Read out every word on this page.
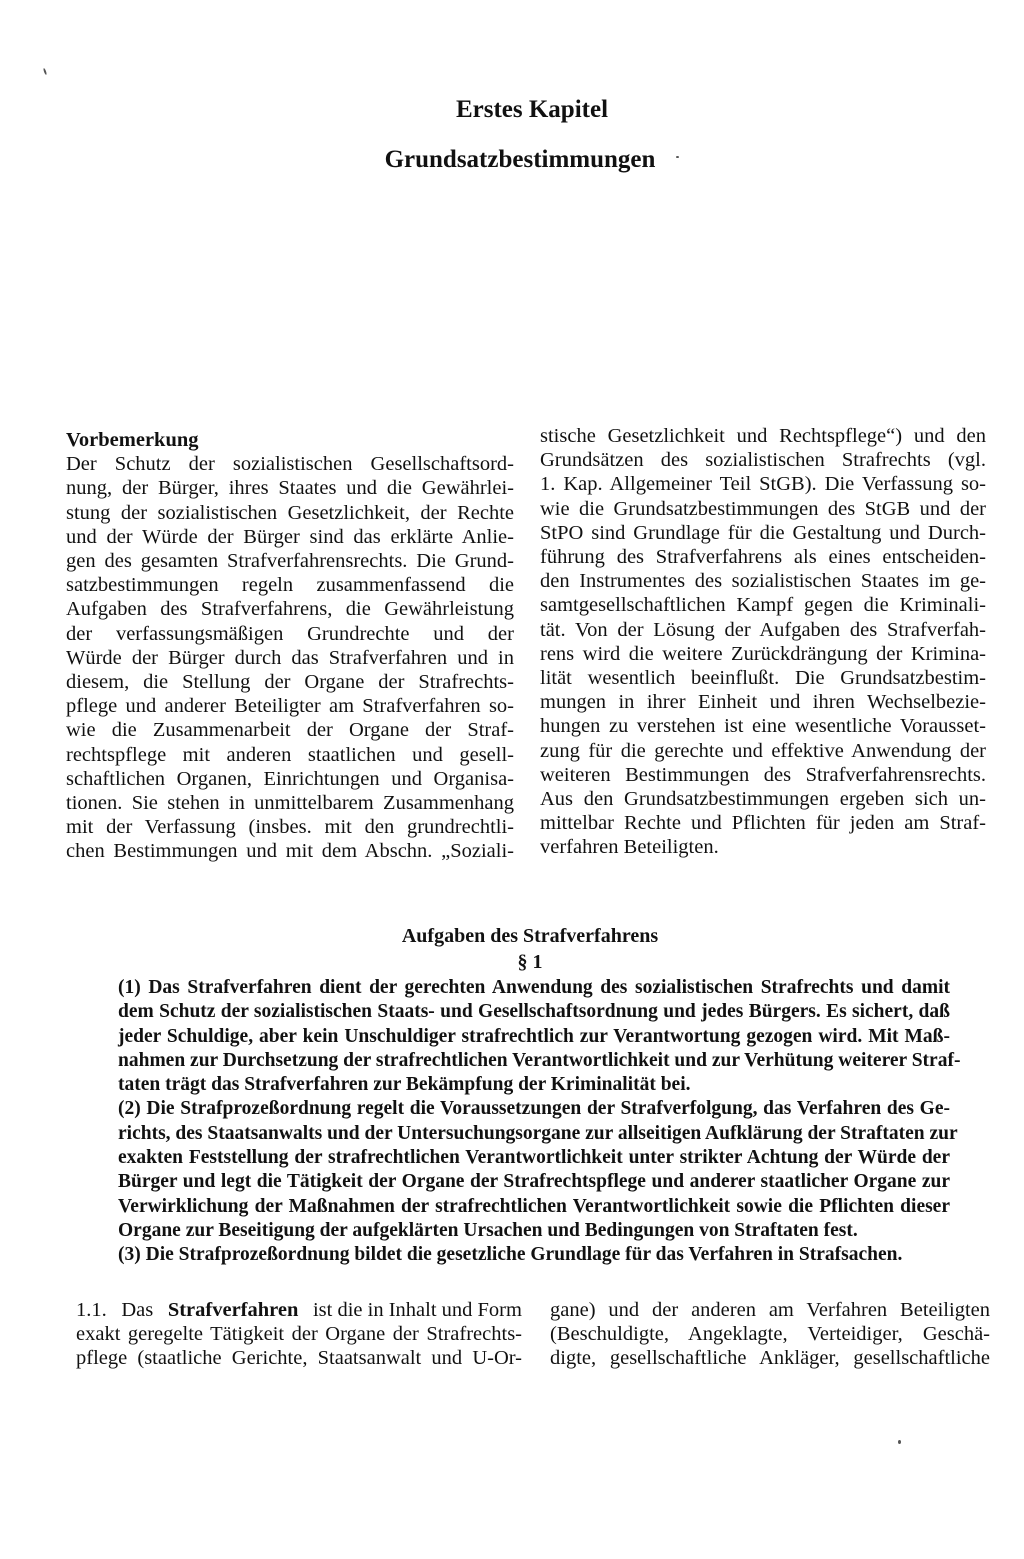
Erstes Kapitel
Grundsatzbestimmungen
Vorbemerkung
Der Schutz der sozialistischen Gesellschaftsord-
nung, der Bürger, ihres Staates und die Gewährlei-
stung der sozialistischen Gesetzlichkeit, der Rechte
und der Würde der Bürger sind das erklärte Anlie-
gen des gesamten Strafverfahrensrechts. Die Grund-
satzbestimmungen regeln zusammenfassend die
Aufgaben des Strafverfahrens, die Gewährleistung
der verfassungsmäßigen Grundrechte und der
Würde der Bürger durch das Strafverfahren und in
diesem, die Stellung der Organe der Strafrechts-
pflege und anderer Beteiligter am Strafverfahren so-
wie die Zusammenarbeit der Organe der Straf-
rechtspflege mit anderen staatlichen und gesell-
schaftlichen Organen, Einrichtungen und Organisa-
tionen. Sie stehen in unmittelbarem Zusammenhang
mit der Verfassung (insbes. mit den grundrechtli-
chen Bestimmungen und mit dem Abschn. „Soziali-
stische Gesetzlichkeit und Rechtspflege“) und den
Grundsätzen des sozialistischen Strafrechts (vgl.
1. Kap. Allgemeiner Teil StGB). Die Verfassung so-
wie die Grundsatzbestimmungen des StGB und der
StPO sind Grundlage für die Gestaltung und Durch-
führung des Strafverfahrens als eines entscheiden-
den Instrumentes des sozialistischen Staates im ge-
samtgesellschaftlichen Kampf gegen die Kriminali-
tät. Von der Lösung der Aufgaben des Strafverfah-
rens wird die weitere Zurückdrängung der Krimina-
lität wesentlich beeinflußt. Die Grundsatzbestim-
mungen in ihrer Einheit und ihren Wechselbezie-
hungen zu verstehen ist eine wesentliche Vorausset-
zung für die gerechte und effektive Anwendung der
weiteren Bestimmungen des Strafverfahrensrechts.
Aus den Grundsatzbestimmungen ergeben sich un-
mittelbar Rechte und Pflichten für jeden am Straf-
verfahren Beteiligten.
Aufgaben des Strafverfahrens
§ 1
(1) Das Strafverfahren dient der gerechten Anwendung des sozialistischen Strafrechts und damit
dem Schutz der sozialistischen Staats- und Gesellschaftsordnung und jedes Bürgers. Es sichert, daß
jeder Schuldige, aber kein Unschuldiger strafrechtlich zur Verantwortung gezogen wird. Mit Maß-
nahmen zur Durchsetzung der strafrechtlichen Verantwortlichkeit und zur Verhütung weiterer Straf-
taten trägt das Strafverfahren zur Bekämpfung der Kriminalität bei.
(2) Die Strafprozeßordnung regelt die Voraussetzungen der Strafverfolgung, das Verfahren des Ge-
richts, des Staatsanwalts und der Untersuchungsorgane zur allseitigen Aufklärung der Straftaten zur
exakten Feststellung der strafrechtlichen Verantwortlichkeit unter strikter Achtung der Würde der
Bürger und legt die Tätigkeit der Organe der Strafrechtspflege und anderer staatlicher Organe zur
Verwirklichung der Maßnahmen der strafrechtlichen Verantwortlichkeit sowie die Pflichten dieser
Organe zur Beseitigung der aufgeklärten Ursachen und Bedingungen von Straftaten fest.
(3) Die Strafprozeßordnung bildet die gesetzliche Grundlage für das Verfahren in Strafsachen.
1.1. Das Strafverfahren ist die in Inhalt und Form
exakt geregelte Tätigkeit der Organe der Strafrechts-
pflege (staatliche Gerichte, Staatsanwalt und U-Or-
gane) und der anderen am Verfahren Beteiligten
(Beschuldigte, Angeklagte, Verteidiger, Geschä-
digte, gesellschaftliche Ankläger, gesellschaftliche
